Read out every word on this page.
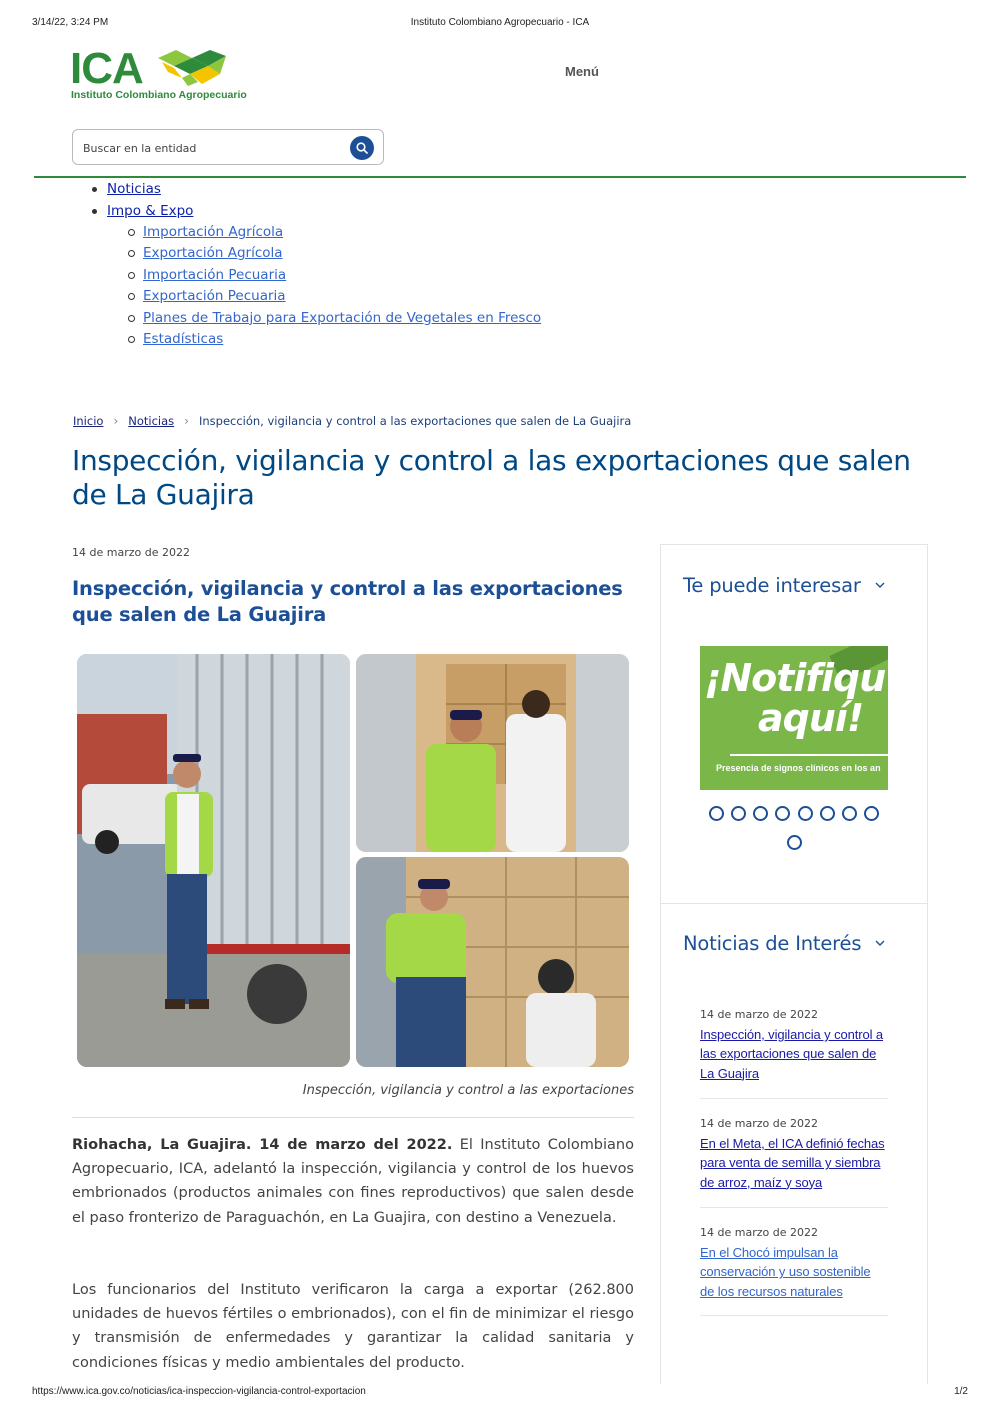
3/14/22, 3:24 PM	Instituto Colombiano Agropecuario - ICA
ICA
Instituto Colombiano Agropecuario
Menú
Buscar en la entidad
Noticias
Impo & Expo
Importación Agrícola
Exportación Agrícola
Importación Pecuaria
Exportación Pecuaria
Planes de Trabajo para Exportación de Vegetales en Fresco
Estadísticas
Inicio › Noticias › Inspección, vigilancia y control a las exportaciones que salen de La Guajira
Inspección, vigilancia y control a las exportaciones que salen de La Guajira
14 de marzo de 2022
Inspección, vigilancia y control a las exportaciones que salen de La Guajira
Inspección, vigilancia y control a las exportaciones

Riohacha, La Guajira. 14 de marzo del 2022. El Instituto Colombiano Agropecuario, ICA, adelantó la inspección, vigilancia y control de los huevos embrionados (productos animales con fines reproductivos) que salen desde el paso fronterizo de Paraguachón, en La Guajira, con destino a Venezuela.

Los funcionarios del Instituto verificaron la carga a exportar (262.800 unidades de huevos fértiles o embrionados), con el fin de minimizar el riesgo y transmisión de enfermedades y garantizar la calidad sanitaria y condiciones físicas y medio ambientales del producto.

Te puede interesar
¡Notifiqu
aquí!
Presencia de signos clínicos en los an
Noticias de Interés
14 de marzo de 2022
Inspección, vigilancia y control a las exportaciones que salen de La Guajira
14 de marzo de 2022
En el Meta, el ICA definió fechas para venta de semilla y siembra de arroz, maíz y soya
14 de marzo de 2022
En el Chocó impulsan la conservación y uso sostenible de los recursos naturales
https://www.ica.gov.co/noticias/ica-inspeccion-vigilancia-control-exportacion	1/2
